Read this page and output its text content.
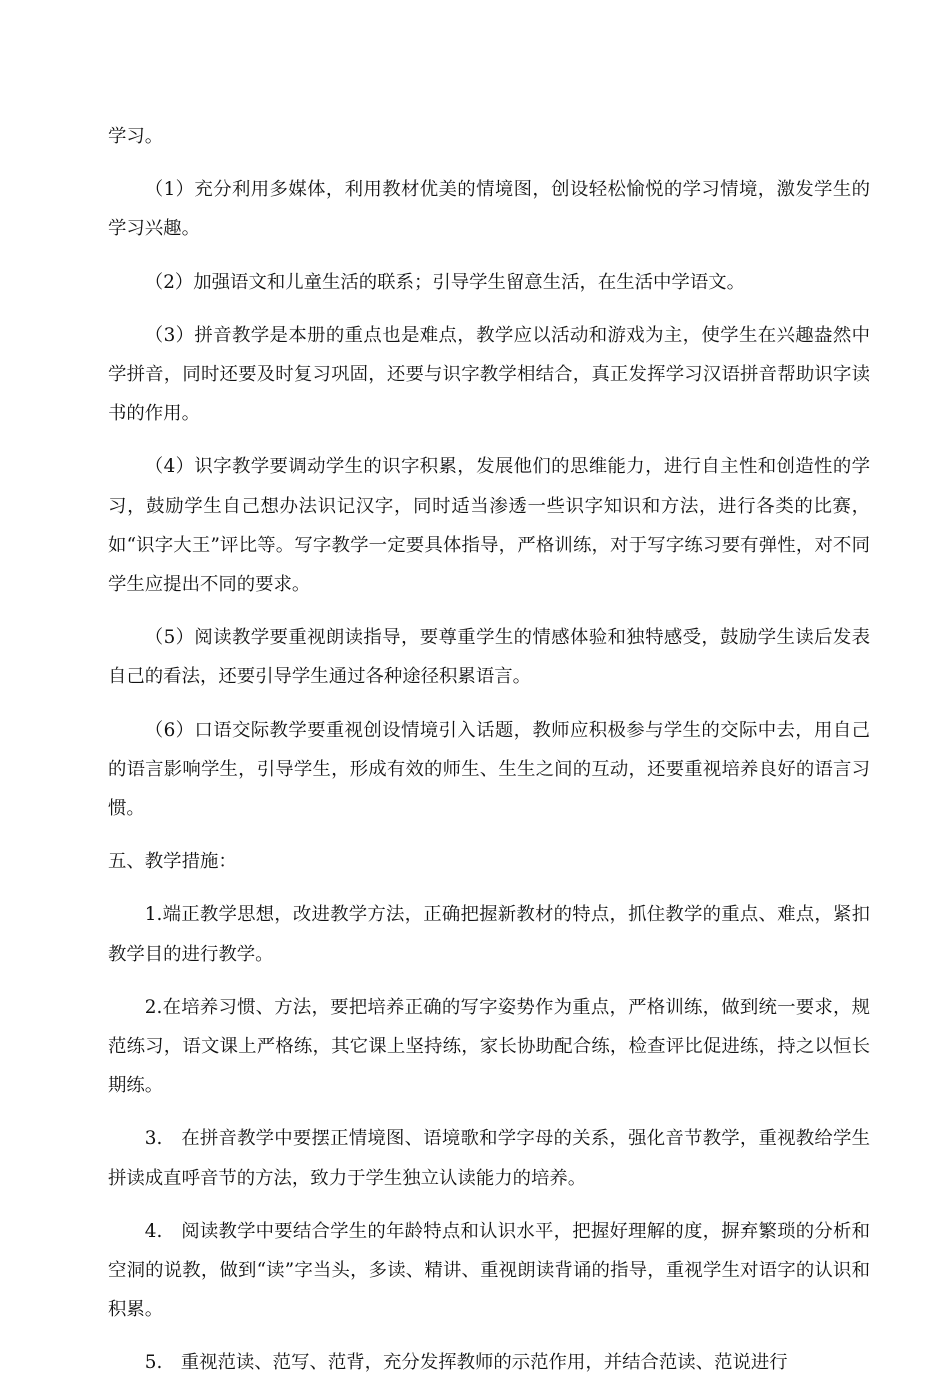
学习。

（1）充分利用多媒体，利用教材优美的情境图，创设轻松愉悦的学习情境，激发学生的学习兴趣。

（2）加强语文和儿童生活的联系；引导学生留意生活，在生活中学语文。

（3）拼音教学是本册的重点也是难点，教学应以活动和游戏为主，使学生在兴趣盎然中学拼音，同时还要及时复习巩固，还要与识字教学相结合，真正发挥学习汉语拼音帮助识字读书的作用。

（4）识字教学要调动学生的识字积累，发展他们的思维能力，进行自主性和创造性的学习，鼓励学生自己想办法识记汉字，同时适当渗透一些识字知识和方法，进行各类的比赛，如“识字大王”评比等。写字教学一定要具体指导，严格训练，对于写字练习要有弹性，对不同学生应提出不同的要求。

（5）阅读教学要重视朗读指导，要尊重学生的情感体验和独特感受，鼓励学生读后发表自己的看法，还要引导学生通过各种途径积累语言。

（6）口语交际教学要重视创设情境引入话题，教师应积极参与学生的交际中去，用自己的语言影响学生，引导学生，形成有效的师生、生生之间的互动，还要重视培养良好的语言习惯。

五、教学措施：

1.端正教学思想，改进教学方法，正确把握新教材的特点，抓住教学的重点、难点，紧扣教学目的进行教学。

2.在培养习惯、方法，要把培养正确的写字姿势作为重点，严格训练，做到统一要求，规范练习，语文课上严格练，其它课上坚持练，家长协助配合练，检查评比促进练，持之以恒长期练。

3.　在拼音教学中要摆正情境图、语境歌和学字母的关系，强化音节教学，重视教给学生拼读成直呼音节的方法，致力于学生独立认读能力的培养。

4.　阅读教学中要结合学生的年龄特点和认识水平，把握好理解的度，摒弃繁琐的分析和空洞的说教，做到“读”字当头，多读、精讲、重视朗读背诵的指导，重视学生对语字的认识和积累。

5.　重视范读、范写、范背，充分发挥教师的示范作用，并结合范读、范说进行
